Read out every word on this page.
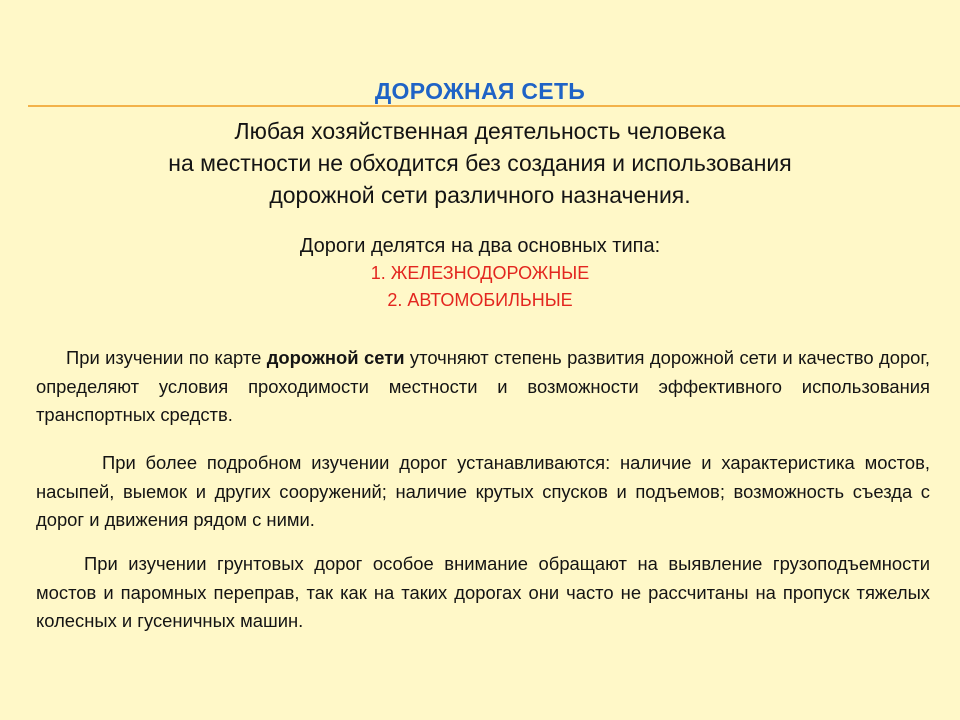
ДОРОЖНАЯ СЕТЬ

Любая хозяйственная деятельность человека
на местности не обходится без создания и использования
дорожной сети различного назначения.

Дороги делятся на два основных типа:
1. ЖЕЛЕЗНОДОРОЖНЫЕ
2. АВТОМОБИЛЬНЫЕ

При изучении по карте дорожной сети уточняют степень развития дорожной сети и качество дорог, определяют условия проходимости местности и возможности эффективного использования транспортных средств.

При более подробном изучении дорог устанавливаются: наличие и характеристика мостов, насыпей, выемок и других сооружений; наличие крутых спусков и подъемов; возможность съезда с дорог и движения рядом с ними.

При изучении грунтовых дорог особое внимание обращают на выявление грузоподъемности мостов и паромных переправ, так как на таких дорогах они часто не рассчитаны на пропуск тяжелых колесных и гусеничных машин.
